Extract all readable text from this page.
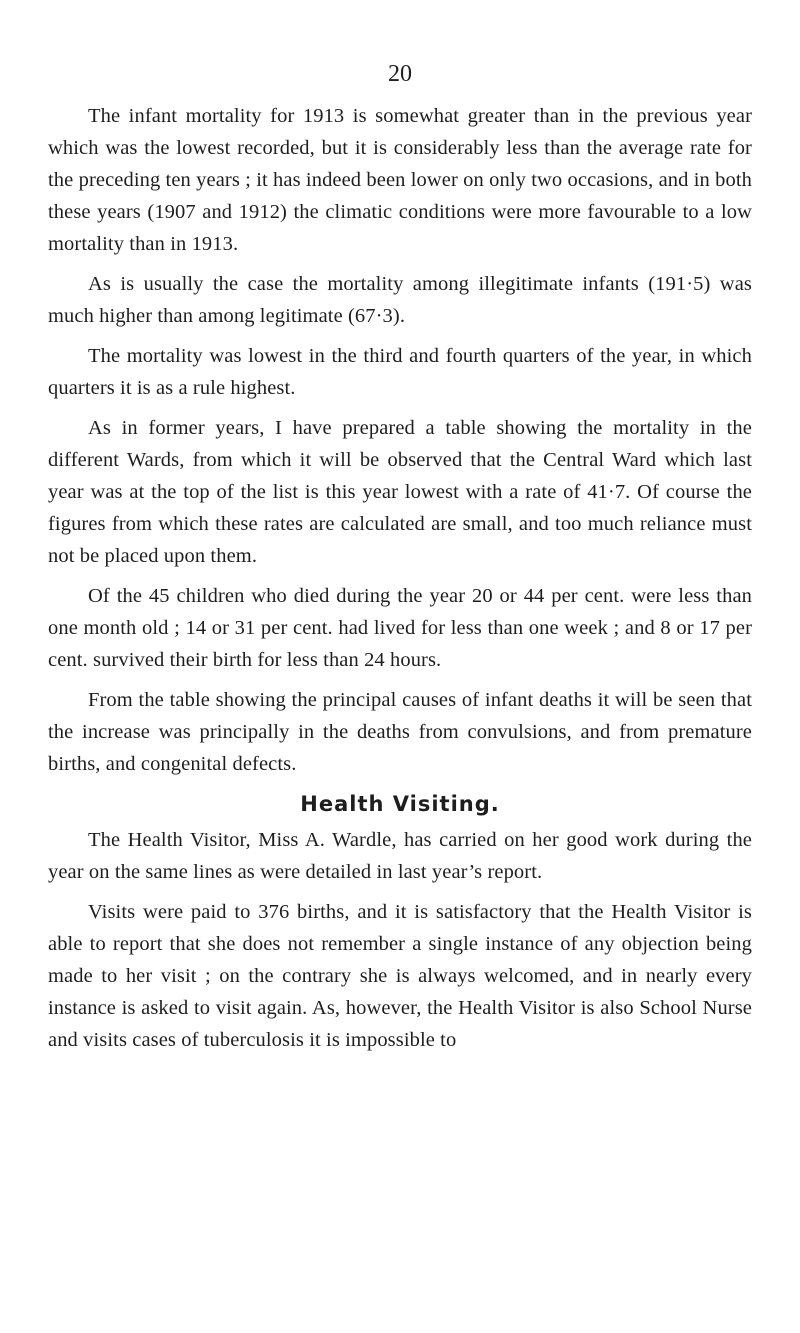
20

The infant mortality for 1913 is somewhat greater than in the previous year which was the lowest recorded, but it is considerably less than the average rate for the preceding ten years ; it has indeed been lower on only two occasions, and in both these years (1907 and 1912) the climatic conditions were more favourable to a low mortality than in 1913.

As is usually the case the mortality among illegitimate infants (191·5) was much higher than among legitimate (67·3).

The mortality was lowest in the third and fourth quarters of the year, in which quarters it is as a rule highest.

As in former years, I have prepared a table showing the mortality in the different Wards, from which it will be observed that the Central Ward which last year was at the top of the list is this year lowest with a rate of 41·7. Of course the figures from which these rates are calculated are small, and too much reliance must not be placed upon them.

Of the 45 children who died during the year 20 or 44 per cent. were less than one month old ; 14 or 31 per cent. had lived for less than one week ; and 8 or 17 per cent. survived their birth for less than 24 hours.

From the table showing the principal causes of infant deaths it will be seen that the increase was principally in the deaths from convulsions, and from premature births, and congenital defects.

Health Visiting.

The Health Visitor, Miss A. Wardle, has carried on her good work during the year on the same lines as were detailed in last year’s report.

Visits were paid to 376 births, and it is satisfactory that the Health Visitor is able to report that she does not remember a single instance of any objection being made to her visit ; on the contrary she is always welcomed, and in nearly every instance is asked to visit again. As, however, the Health Visitor is also School Nurse and visits cases of tuberculosis it is impossible to
